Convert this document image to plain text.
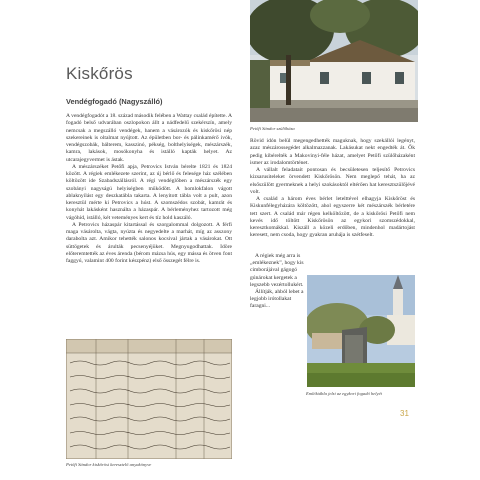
Petőfi Sándor szülőháza
Kiskőrös
Vendégfogadó (Nagyszálló)

A vendégfogadót a 18. század második felében a Wattay család építette. A fogadó belső udvarában oszlopokon állt a nádfedelű szekérszín, amely nemcsak a megszálló vendégek, hanem a vásározók és kiskőrösi nép szekereinek is oltalmat nyújtott. Az épületben bor- és pálinkamérő ivók, vendégszobák, bálterem, kasszinó, pékség, bolthelyiségek, mészárszék, kamra, lakások, mosókonyha és istálló kapták helyet. Az utcarajegyvermet is ástak.

A mészárszéket Petőfi apja, Petrovics István bérelte 1821 és 1824 között. A régiek emlékezete szerint, az új bérlő és felesége ház szélében költözött ide Szabadszállásról. A régi vendéglőben a mészárszék egy szobányi nagyságú helyiségben működött. A homlokfalon vágott ablaknyílást egy deszkatábla takarta. A lenyitott tábla volt a pult, azon keresztül mérte ki Petrovics a húst. A szomszédos szobát, kamrát és konyhát lakásként használta a házaspár. A bérleményhez tartozott még vágóhíd, istálló, két veteményes kert és tíz hold kaszáló.

A Petrovics házaspár kitartással és szorgalommal dolgozott. A férfi maga vásárolta, vágta, nyúzta és negyedelte a marhát, míg az asszony darabolta azt. Amikor tehették salonos kocsival jártak a vásárokat. Ott süttögetek és árulták pecsenyéjüket. Megnyugodhattak. Idöre előteremtették az éves árenda (bérom mázsa hús, egy mássa és ötven font faggyú, valamint 400 forint készpénz) első összegét félre is.

Petőfi Sándor kiskőrösi keresztelő anyakönyve

Rövid idón belül megengedhették maguknak, hogy szekállói legényt, azaz mészárossegédet alkalmazzanak. Lakásukat nekt engedték át. Ők pedig kibérelték a Makovinyi-féle házat, amelyet Petőfi szülőházaként ismer az irodalomtörténet.

A vállalt feladatait pontosan és becsületesen teljesítő Petrovics kizsarusiteleket örvendett Kiskőrösön. Nem meglepő tehát, ha az elsőszülött gyermeknek a helyi szokásoktól eltérően hat keresztszülőjévé volt.

A család a három éves bérlet letelttével elhagyja Kiskőröst és Kiskunfélegyházára költözött, ahol egyszerre két mészárszék bérletére tett szert. A család már régen kelköltözött, de a kiskőrösi Petőfi nem kevés idő töltött Kiskőrösön az egykori szomszédokkal, keresztkomákkal. Kiszáll a közeli erdőben, mindenhol madártojást keresett, nem csoda, hogy gyakran aruhája is szétfeselt.

A régiek még arra is „emlékeznek”, hogy kis cimborájával gágogó gúnárokat kergetek a legszebb vezértollukért.

Állítják, ahból lebet a legjobb irótollakat faragni...

Emléktábla jelzi az egykori fogadó helyét
31
